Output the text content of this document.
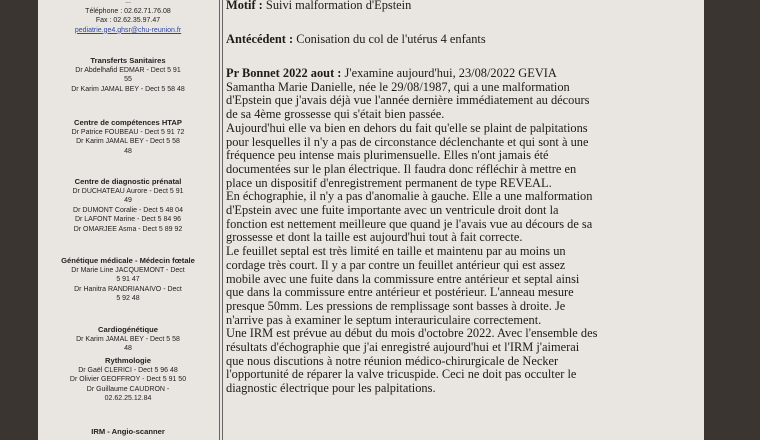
...
Téléphone : 02.62.71.76.08
Fax : 02.62.35.97.47
pediatrie.ge4.ghsr@chu-reunion.fr
Transferts Sanitaires
Dr Abdelhafid EDMAR - Dect 5 91
55
Dr Karim JAMAL BEY - Dect 5 58 48
Centre de compétences HTAP
Dr Patrice FOUBEAU - Dect 5 91 72
Dr Karim JAMAL BEY - Dect 5 58
48
Centre de diagnostic prénatal
Dr DUCHATEAU Aurore - Dect 5 91
49
Dr DUMONT Coralie - Dect 5 48 04
Dr LAFONT Marine - Dect 5 84 96
Dr OMARJEE Asma - Dect 5 89 92
Génétique médicale - Médecin fœtale
Dr Marie Line JACQUEMONT - Dect
5 91 47
Dr Hanitra RANDRIANAIVO - Dect
5 92 48
Cardiogénétique
Dr Karim JAMAL BEY - Dect 5 58
48
Rythmologie
Dr Gaël CLERICI - Dect 5 96 48
Dr Olivier GEOFFROY - Dect 5 91 50
Dr Guillaume CAUDRON -
02.62.25.12.84
IRM - Angio-scanner
Motif : Suivi malformation d'Epstein
Antécédent : Conisation du col de l'utérus 4 enfants
Pr Bonnet 2022 aout : J'examine aujourd'hui, 23/08/2022 GEVIA
Samantha Marie Danielle, née le 29/08/1987, qui a une malformation
d'Epstein que j'avais déjà vue l'année dernière immédiatement au décours
de sa 4ème grossesse qui s'était bien passée.
Aujourd'hui elle va bien en dehors du fait qu'elle se plaint de palpitations
pour lesquelles il n'y a pas de circonstance déclenchante et qui sont à une
fréquence peu intense mais plurimensuelle. Elles n'ont jamais été
documentées sur le plan électrique. Il faudra donc réfléchir à mettre en
place un dispositif d'enregistrement permanent de type REVEAL.
En échographie, il n'y a pas d'anomalie à gauche. Elle a une malformation
d'Epstein avec une fuite importante avec un ventricule droit dont la
fonction est nettement meilleure que quand je l'avais vue au décours de sa
grossesse et dont la taille est aujourd'hui tout à fait correcte.
Le feuillet septal est très limité en taille et maintenu par au moins un
cordage très court. Il y a par contre un feuillet antérieur qui est assez
mobile avec une fuite dans la commissure entre antérieur et septal ainsi
que dans la commissure entre antérieur et postérieur. L'anneau mesure
presque 50mm. Les pressions de remplissage sont basses à droite. Je
n'arrive pas à examiner le septum interauriculaire correctement.
Une IRM est prévue au début du mois d'octobre 2022. Avec l'ensemble des
résultats d'échographie que j'ai enregistré aujourd'hui et l'IRM j'aimerai
que nous discutions à notre réunion médico-chirurgicale de Necker
l'opportunité de réparer la valve tricuspide. Ceci ne doit pas occulter le
diagnostic électrique pour les palpitations.
